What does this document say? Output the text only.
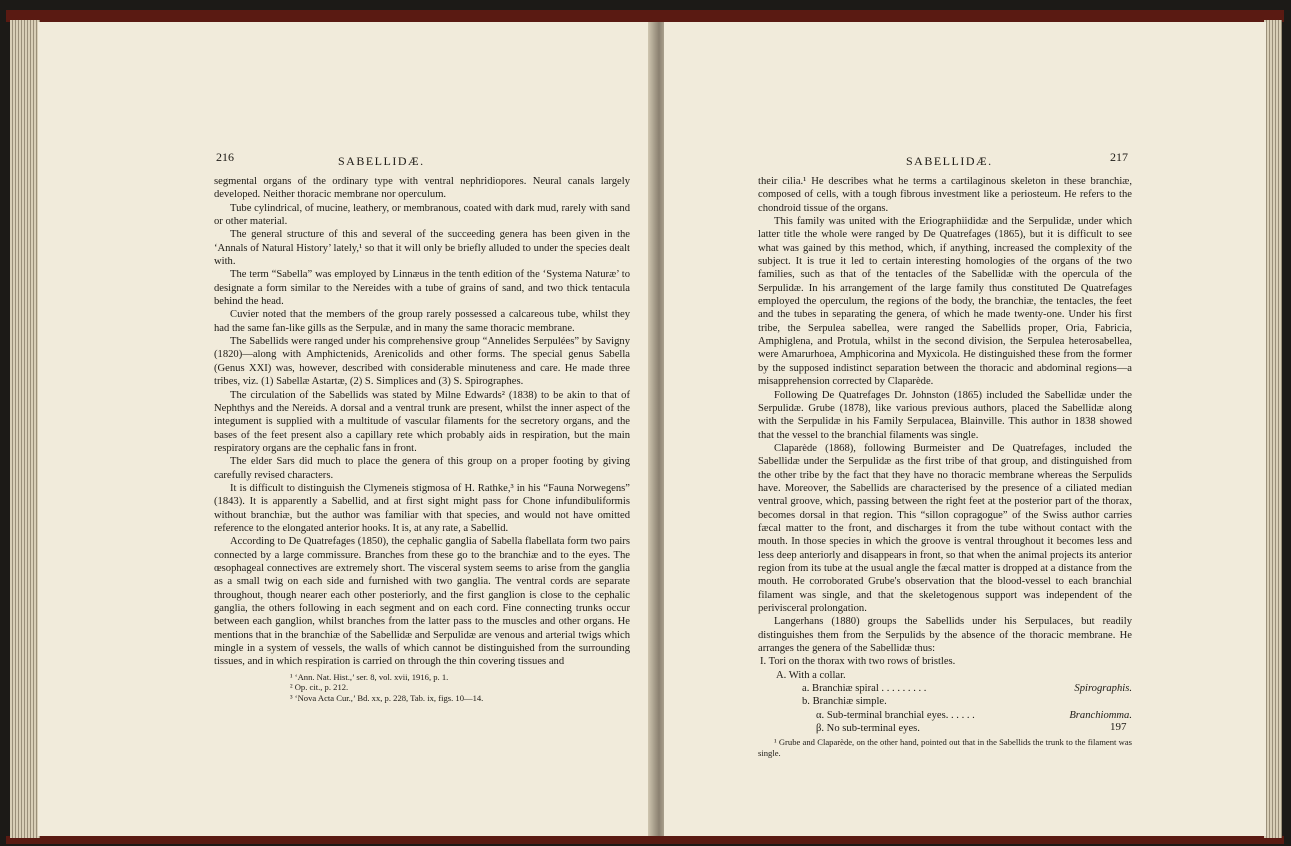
216	SABELLIDÆ.

segmental organs of the ordinary type with ventral nephridiopores. Neural canals largely developed. Neither thoracic membrane nor operculum.

Tube cylindrical, of mucine, leathery, or membranous, coated with dark mud, rarely with sand or other material.

The general structure of this and several of the succeeding genera has been given in the ‘Annals of Natural History’ lately,¹ so that it will only be briefly alluded to under the species dealt with.

The term “Sabella” was employed by Linnæus in the tenth edition of the ‘Systema Naturæ’ to designate a form similar to the Nereides with a tube of grains of sand, and two thick tentacula behind the head.

Cuvier noted that the members of the group rarely possessed a calcareous tube, whilst they had the same fan-like gills as the Serpulæ, and in many the same thoracic membrane.

The Sabellids were ranged under his comprehensive group “Annelides Serpulées” by Savigny (1820)—along with Amphictenids, Arenicolids and other forms. The special genus Sabella (Genus XXI) was, however, described with considerable minuteness and care. He made three tribes, viz. (1) Sabellæ Astartæ, (2) S. Simplices and (3) S. Spirographes.

The circulation of the Sabellids was stated by Milne Edwards² (1838) to be akin to that of Nephthys and the Nereids. A dorsal and a ventral trunk are present, whilst the inner aspect of the integument is supplied with a multitude of vascular filaments for the secretory organs, and the bases of the feet present also a capillary rete which probably aids in respiration, but the main respiratory organs are the cephalic fans in front.

The elder Sars did much to place the genera of this group on a proper footing by giving carefully revised characters.

It is difficult to distinguish the Clymeneis stigmosa of H. Rathke,³ in his “Fauna Norwegens” (1843). It is apparently a Sabellid, and at first sight might pass for Chone infundibuliformis without branchiæ, but the author was familiar with that species, and would not have omitted reference to the elongated anterior hooks. It is, at any rate, a Sabellid.

According to De Quatrefages (1850), the cephalic ganglia of Sabella flabellata form two pairs connected by a large commissure. Branches from these go to the branchiæ and to the eyes. The œsophageal connectives are extremely short. The visceral system seems to arise from the ganglia as a small twig on each side and furnished with two ganglia. The ventral cords are separate throughout, though nearer each other posteriorly, and the first ganglion is close to the cephalic ganglia, the others following in each segment and on each cord. Fine connecting trunks occur between each ganglion, whilst branches from the latter pass to the muscles and other organs. He mentions that in the branchiæ of the Sabellidæ and Serpulidæ are venous and arterial twigs which mingle in a system of vessels, the walls of which cannot be distinguished from the surrounding tissues, and in which respiration is carried on through the thin covering tissues and

¹ ‘Ann. Nat. Hist.,’ ser. 8, vol. xvii, 1916, p. 1.

² Op. cit., p. 212.

³ ‘Nova Acta Cur.,’ Bd. xx, p. 228, Tab. ix, figs. 10—14.

SABELLIDÆ.	217

their cilia.¹ He describes what he terms a cartilaginous skeleton in these branchiæ, composed of cells, with a tough fibrous investment like a periosteum. He refers to the chondroid tissue of the organs.

This family was united with the Eriographiididæ and the Serpulidæ, under which latter title the whole were ranged by De Quatrefages (1865), but it is difficult to see what was gained by this method, which, if anything, increased the complexity of the subject. It is true it led to certain interesting homologies of the organs of the two families, such as that of the tentacles of the Sabellidæ with the opercula of the Serpulidæ. In his arrangement of the large family thus constituted De Quatrefages employed the operculum, the regions of the body, the branchiæ, the tentacles, the feet and the tubes in separating the genera, of which he made twenty-one. Under his first tribe, the Serpulea sabellea, were ranged the Sabellids proper, Oria, Fabricia, Amphiglena, and Protula, whilst in the second division, the Serpulea heterosabellea, were Amarurhoea, Amphicorina and Myxicola. He distinguished these from the former by the supposed indistinct separation between the thoracic and abdominal regions—a misapprehension corrected by Claparède.

Following De Quatrefages Dr. Johnston (1865) included the Sabellidæ under the Serpulidæ. Grube (1878), like various previous authors, placed the Sabellidæ along with the Serpulidæ in his Family Serpulacea, Blainville. This author in 1838 showed that the vessel to the branchial filaments was single.

Claparède (1868), following Burmeister and De Quatrefages, included the Sabellidæ under the Serpulidæ as the first tribe of that group, and distinguished from the other tribe by the fact that they have no thoracic membrane whereas the Serpulids have. Moreover, the Sabellids are characterised by the presence of a ciliated median ventral groove, which, passing between the right feet at the posterior part of the thorax, becomes dorsal in that region. This “sillon copragogue” of the Swiss author carries fæcal matter to the front, and discharges it from the tube without contact with the mouth. In those species in which the groove is ventral throughout it becomes less and less deep anteriorly and disappears in front, so that when the animal projects its anterior region from its tube at the usual angle the fæcal matter is dropped at a distance from the mouth. He corroborated Grube's observation that the blood-vessel to each branchial filament was single, and that the skeletogenous support was independent of the perivisceral prolongation.

Langerhans (1880) groups the Sabellids under his Serpulaces, but readily distinguishes them from the Serpulids by the absence of the thoracic membrane. He arranges the genera of the Sabellidæ thus:

I. Tori on the thorax with two rows of bristles.
A. With a collar.
a. Branchiæ spiral . . . . . . . . .	Spirographis.
b. Branchiæ simple.
α. Sub-terminal branchial eyes. . . . . .	Branchiomma.
β. No sub-terminal eyes.

¹ Grube and Claparède, on the other hand, pointed out that in the Sabellids the trunk to the filament was single.

197
